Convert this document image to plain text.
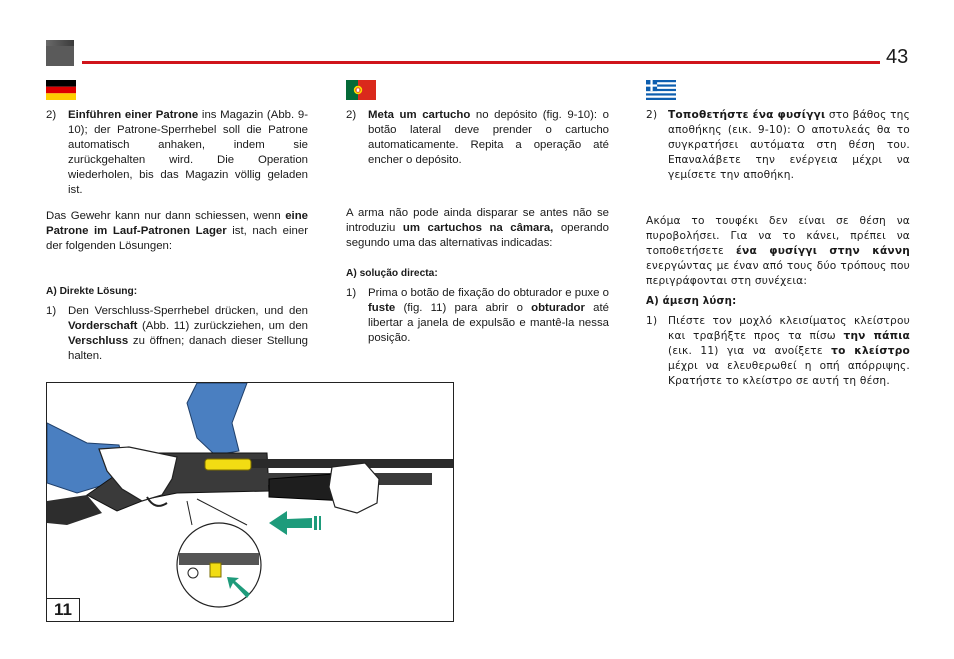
43
2)	Einführen einer Patrone ins Magazin (Abb. 9-10); der Patrone-Sperrhebel soll die Patrone automatisch anhaken, indem sie zurückgehalten wird. Die Operation wiederholen, bis das Magazin völlig geladen ist.

Das Gewehr kann nur dann schiessen, wenn eine Patrone im Lauf-Patronen Lager ist, nach einer der folgenden Lösungen:

A) Direkte Lösung:

1)	Den Verschluss-Sperrhebel drücken, und den Vorderschaft (Abb. 11) zurückziehen, um den Verschluss zu öffnen; danach dieser Stellung halten.
2)	Meta um cartucho no depósito (fig. 9-10): o botão lateral deve prender o cartucho automaticamente. Repita a operação até encher o depósito.

A arma não pode ainda disparar se antes não se introduziu um cartuchos na câmara, operando segundo uma das alternativas indicadas:

A) solução directa:

1)	Prima o botão de fixação do obturador e puxe o fuste (fig. 11) para abrir o obturador até libertar a janela de expulsão e mantê-la nessa posição.
2)	Τοποθετήστε ένα φυσίγγι στο βάθος της αποθήκης (εικ. 9-10): Ο αποτυλεάς θα το συγκρατήσει αυτόματα στη θέση του. Επαναλάβετε την ενέργεια μέχρι να γεμίσετε την αποθήκη.

Ακόμα το τουφέκι δεν είναι σε θέση να πυροβολήσει. Για να το κάνει, πρέπει να τοποθετήσετε ένα φυσίγγι στην κάννη ενεργώντας με έναν από τους δύο τρόπους που περιγράφονται στη συνέχεια:

A) άμεση λύση:

1)	Πιέστε τον μοχλό κλεισίματος κλείστρου και τραβήξτε προς τα πίσω την πάπια (εικ. 11) για να ανοίξετε το κλείστρο μέχρι να ελευθερωθεί η οπή απόρριψης. Κρατήστε το κλείστρο σε αυτή τη θέση.
11
